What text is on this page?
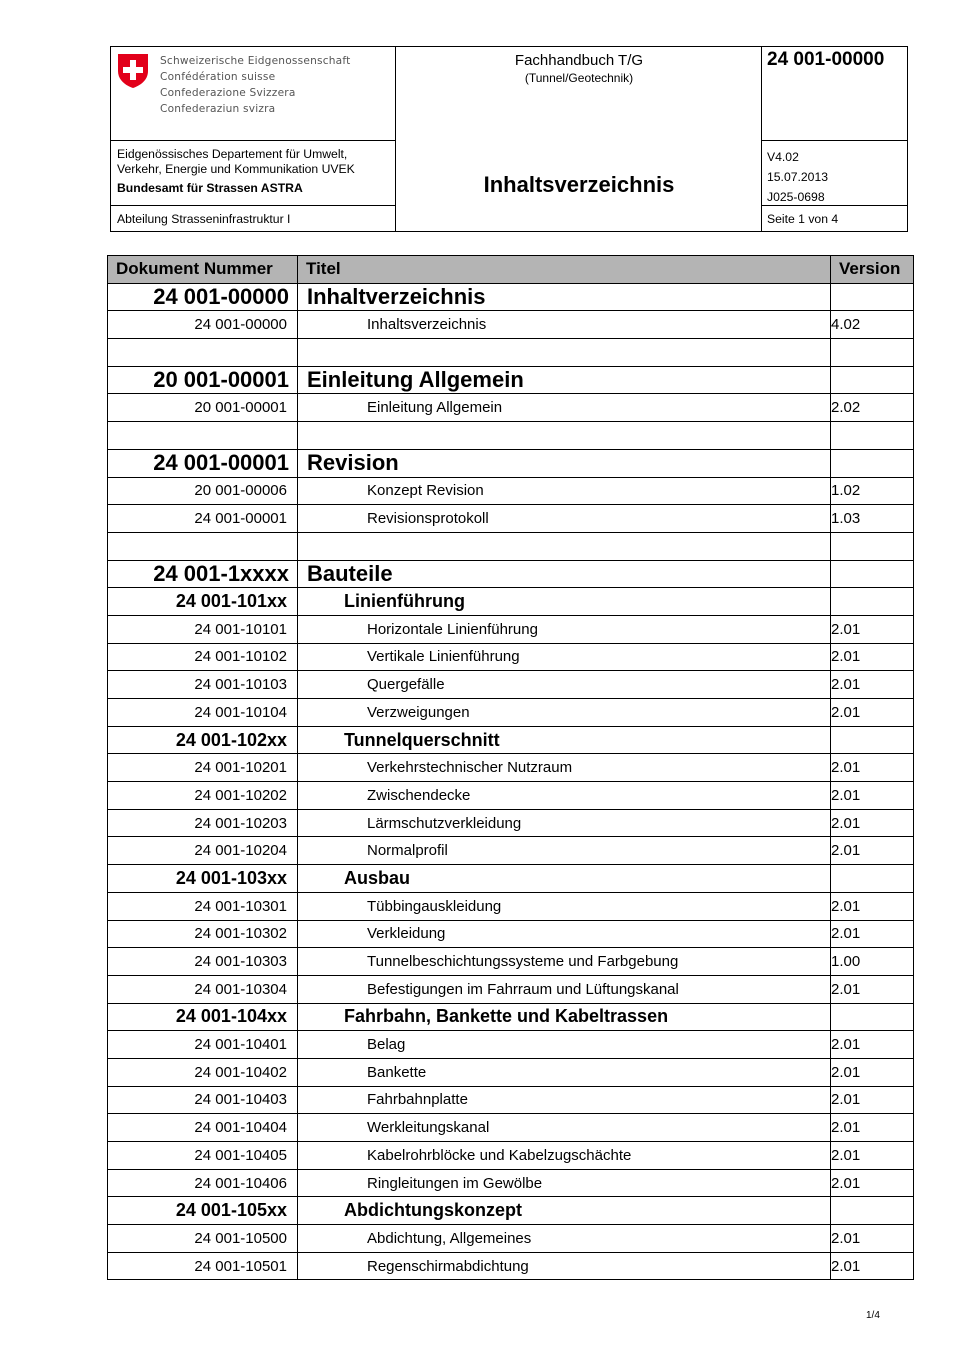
Schweizerische Eidgenossenschaft
Confédération suisse
Confederazione Svizzera
Confederaziun svizra
Fachhandbuch T/G
(Tunnel/Geotechnik)
24 001-00000
Eidgenössisches Departement für Umwelt,
Verkehr, Energie und Kommunikation UVEK
Bundesamt für Strassen ASTRA
Abteilung Strasseninfrastruktur I
Inhaltsverzeichnis
V4.02
15.07.2013
J025-0698
Seite 1 von 4
Dokument Nummer	Titel	Version
24 001-00000	Inhaltverzeichnis	
24 001-00000	Inhaltsverzeichnis	4.02

20 001-00001	Einleitung Allgemein	
20 001-00001	Einleitung Allgemein	2.02

24 001-00001	Revision	
20 001-00006	Konzept Revision	1.02
24 001-00001	Revisionsprotokoll	1.03

24 001-1xxxx	Bauteile	
24 001-101xx	Linienführung	
24 001-10101	Horizontale Linienführung	2.01
24 001-10102	Vertikale Linienführung	2.01
24 001-10103	Quergefälle	2.01
24 001-10104	Verzweigungen	2.01
24 001-102xx	Tunnelquerschnitt	
24 001-10201	Verkehrstechnischer Nutzraum	2.01
24 001-10202	Zwischendecke	2.01
24 001-10203	Lärmschutzverkleidung	2.01
24 001-10204	Normalprofil	2.01
24 001-103xx	Ausbau	
24 001-10301	Tübbingauskleidung	2.01
24 001-10302	Verkleidung	2.01
24 001-10303	Tunnelbeschichtungssysteme und Farbgebung	1.00
24 001-10304	Befestigungen im Fahrraum und Lüftungskanal	2.01
24 001-104xx	Fahrbahn, Bankette und Kabeltrassen	
24 001-10401	Belag	2.01
24 001-10402	Bankette	2.01
24 001-10403	Fahrbahnplatte	2.01
24 001-10404	Werkleitungskanal	2.01
24 001-10405	Kabelrohrblöcke und Kabelzugschächte	2.01
24 001-10406	Ringleitungen im Gewölbe	2.01
24 001-105xx	Abdichtungskonzept	
24 001-10500	Abdichtung, Allgemeines	2.01
24 001-10501	Regenschirmabdichtung	2.01
1/4
